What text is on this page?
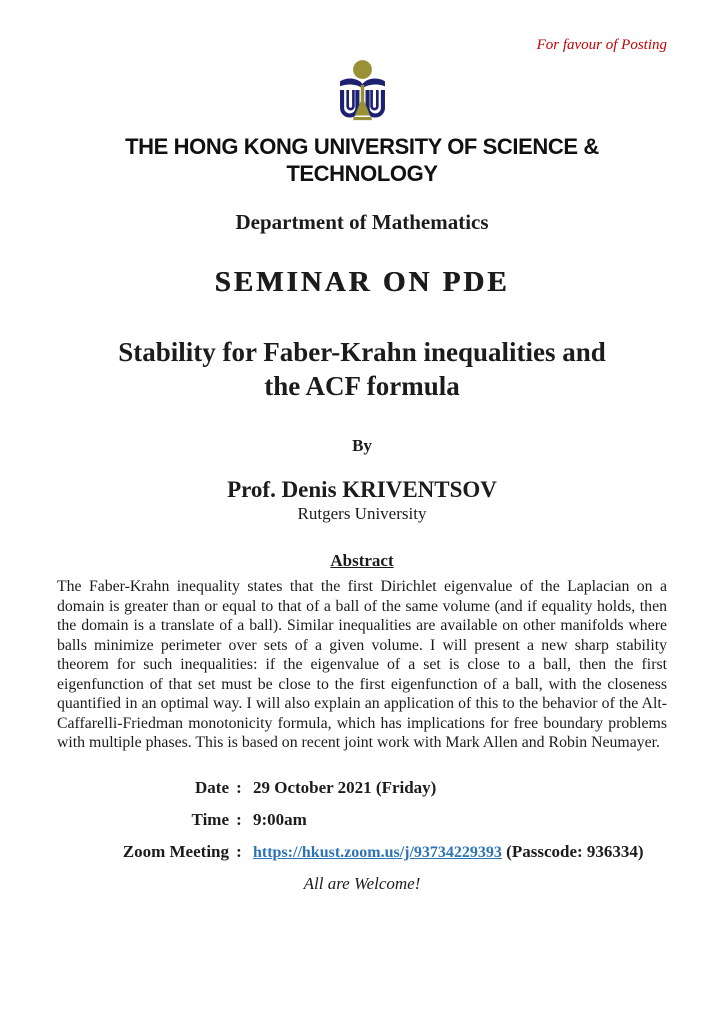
For favour of Posting
THE HONG KONG UNIVERSITY OF SCIENCE & TECHNOLOGY
Department of Mathematics
SEMINAR ON PDE
Stability for Faber-Krahn inequalities and
the ACF formula
By
Prof. Denis KRIVENTSOV
Rutgers University
Abstract

The Faber-Krahn inequality states that the first Dirichlet eigenvalue of the Laplacian on a domain is greater than or equal to that of a ball of the same volume (and if equality holds, then the domain is a translate of a ball). Similar inequalities are available on other manifolds where balls minimize perimeter over sets of a given volume. I will present a new sharp stability theorem for such inequalities: if the eigenvalue of a set is close to a ball, then the first eigenfunction of that set must be close to the first eigenfunction of a ball, with the closeness quantified in an optimal way. I will also explain an application of this to the behavior of the Alt-Caffarelli-Friedman monotonicity formula, which has implications for free boundary problems with multiple phases. This is based on recent joint work with Mark Allen and Robin Neumayer.

Date : 29 October 2021 (Friday)
Time : 9:00am
Zoom Meeting : https://hkust.zoom.us/j/93734229393 (Passcode: 936334)
All are Welcome!
